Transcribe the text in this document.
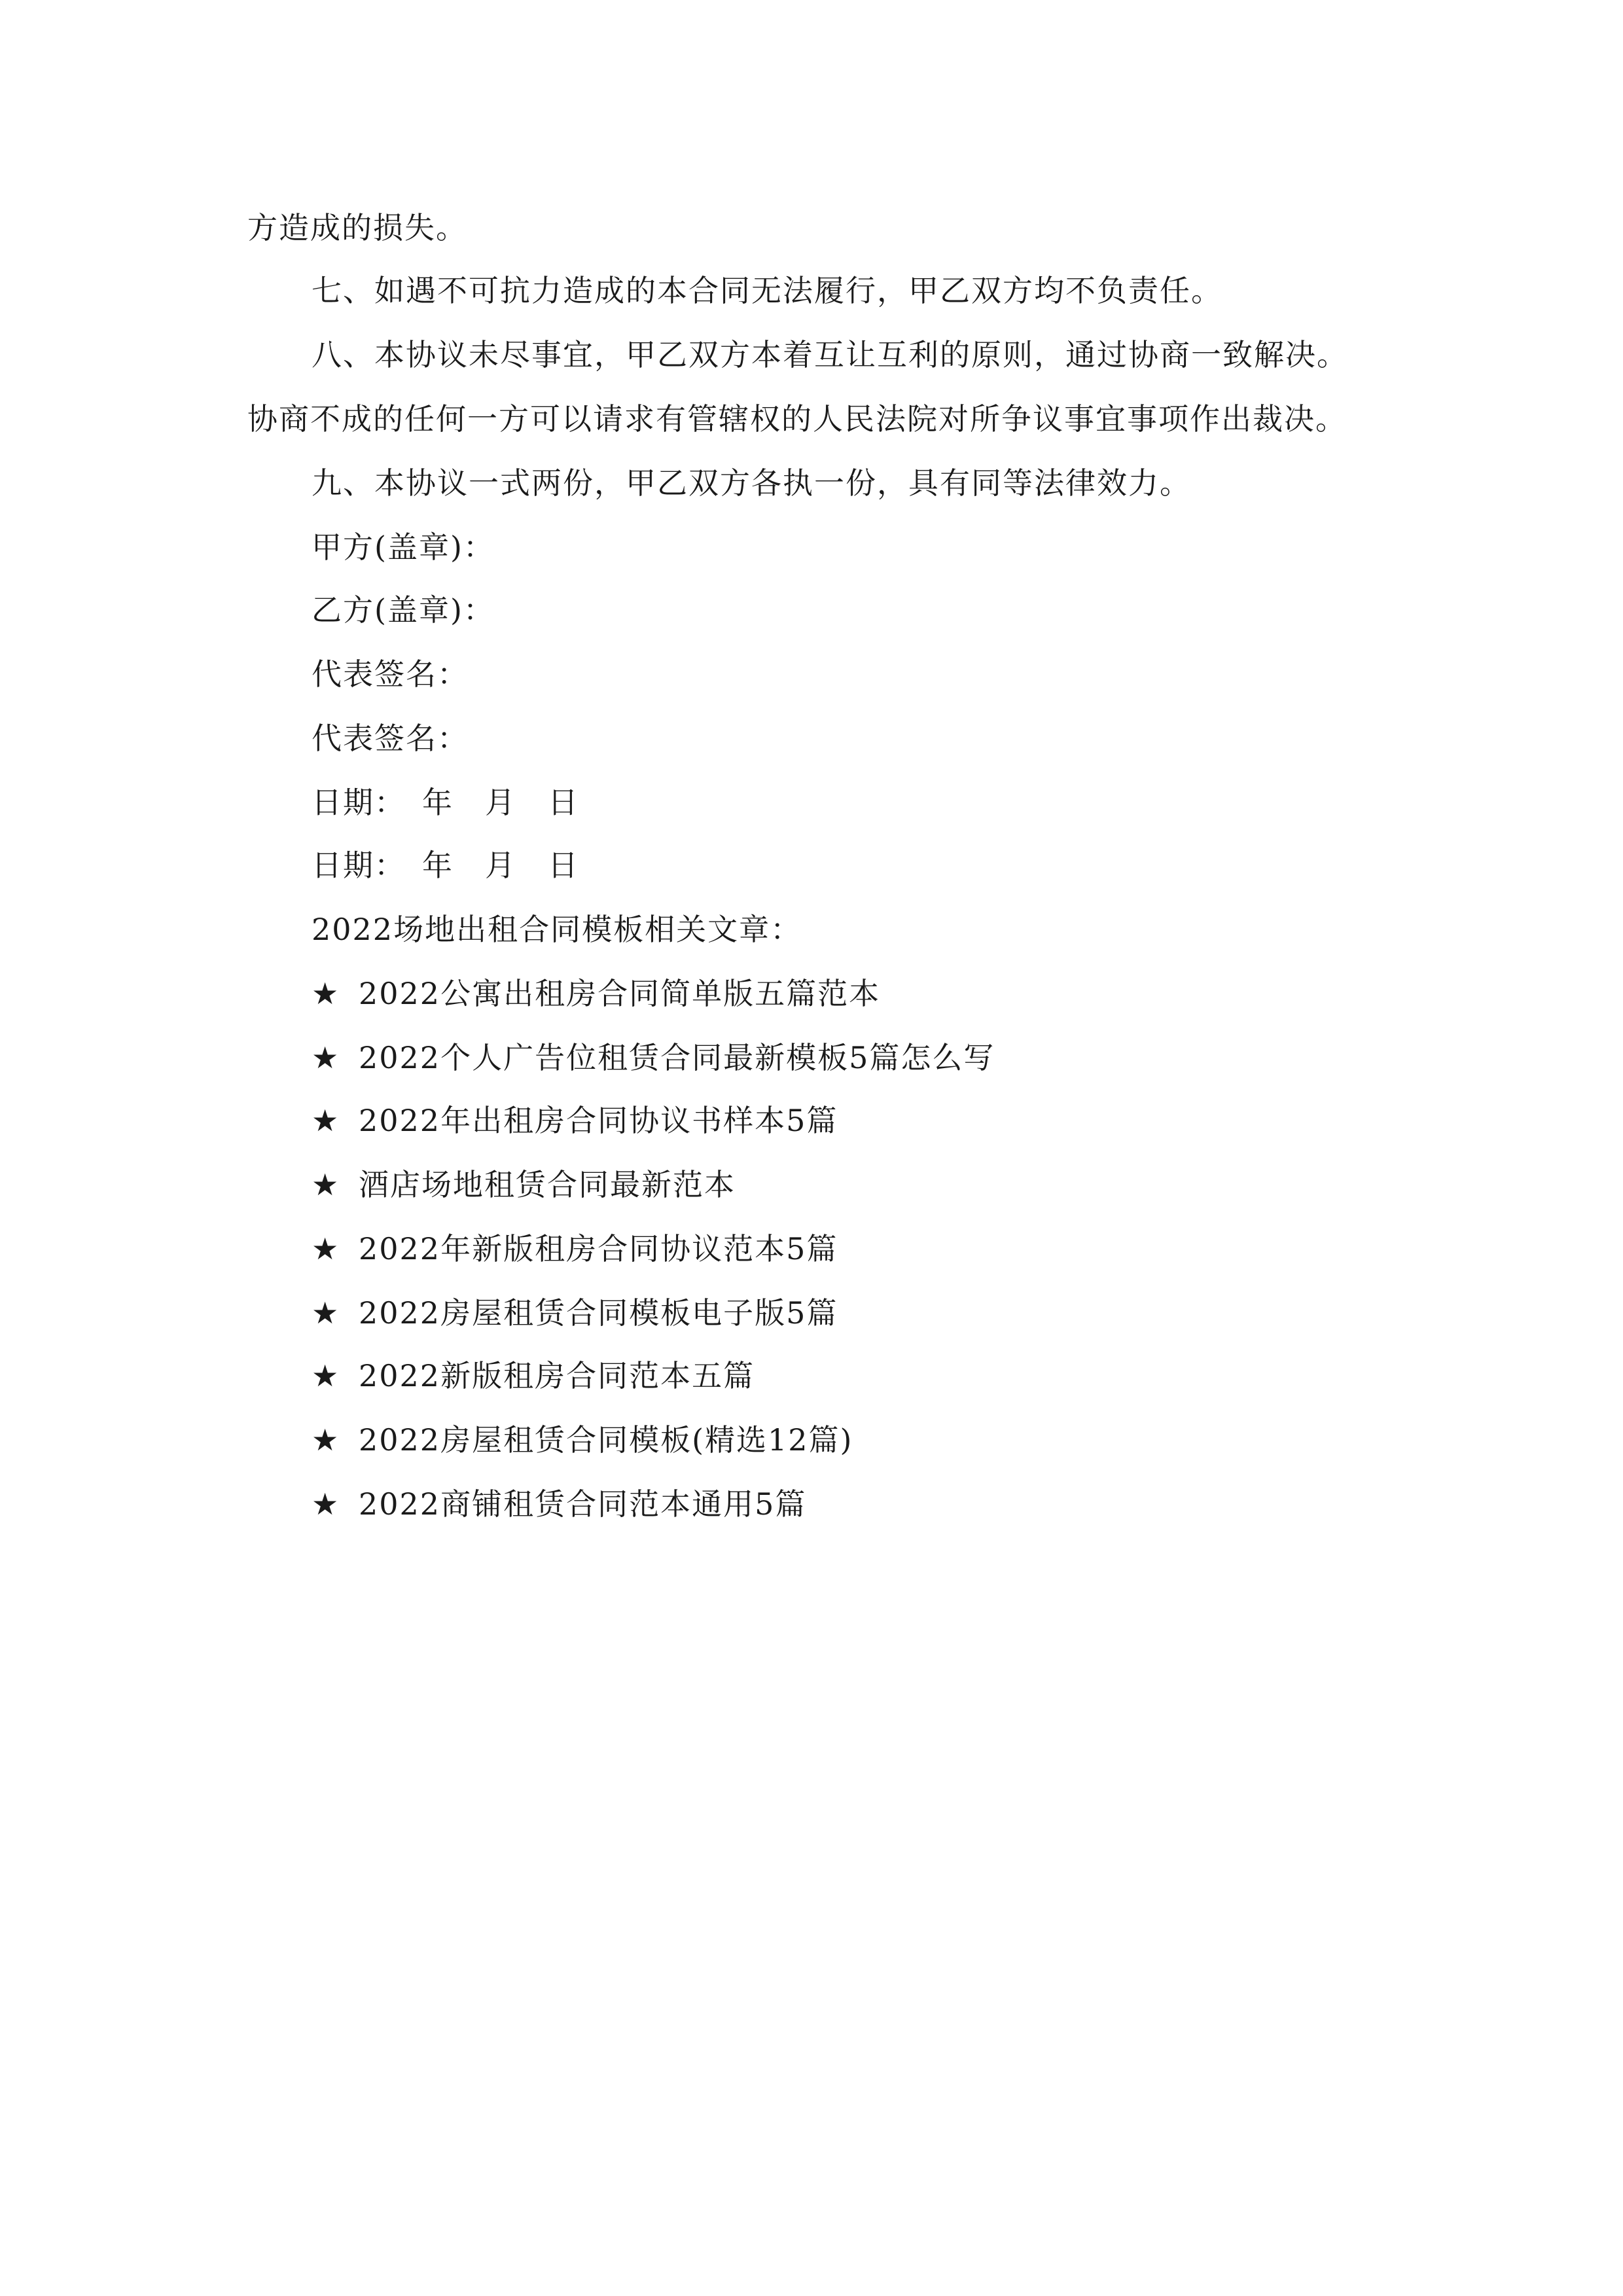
方造成的损失。
七、如遇不可抗力造成的本合同无法履行，甲乙双方均不负责任。
八、本协议未尽事宜，甲乙双方本着互让互利的原则，通过协商一致解决。
协商不成的任何一方可以请求有管辖权的人民法院对所争议事宜事项作出裁决。
九、本协议一式两份，甲乙双方各执一份，具有同等法律效力。
甲方(盖章)：
乙方(盖章)：
代表签名：
代表签名：
日期：　年　月　日
日期：　年　月　日
2022场地出租合同模板相关文章：
★ 2022公寓出租房合同简单版五篇范本
★ 2022个人广告位租赁合同最新模板5篇怎么写
★ 2022年出租房合同协议书样本5篇
★ 酒店场地租赁合同最新范本
★ 2022年新版租房合同协议范本5篇
★ 2022房屋租赁合同模板电子版5篇
★ 2022新版租房合同范本五篇
★ 2022房屋租赁合同模板(精选12篇)
★ 2022商铺租赁合同范本通用5篇
